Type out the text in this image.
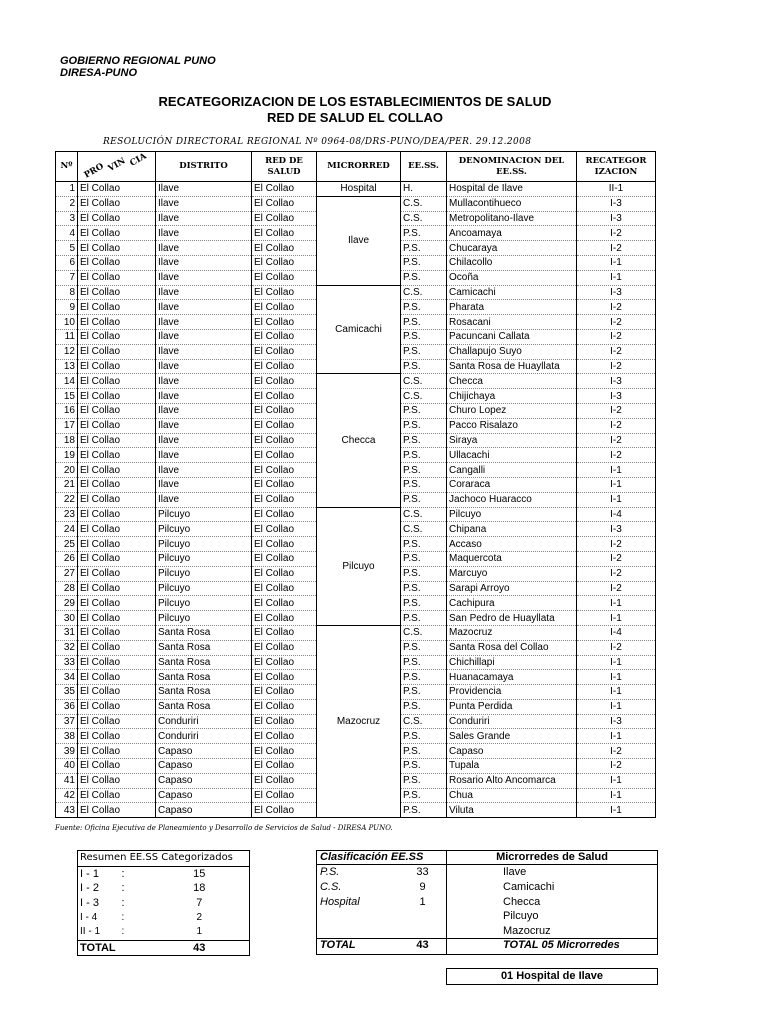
GOBIERNO REGIONAL PUNO
DIRESA-PUNO
RECATEGORIZACION DE LOS ESTABLECIMIENTOS DE SALUD
RED DE SALUD EL COLLAO
RESOLUCIÓN DIRECTORAL REGIONAL Nº 0964-08/DRS-PUNO/DEA/PER. 29.12.2008
Nº	PRO VIN CIA	DISTRITO	RED DE SALUD	MICRORRED	EE.SS.	DENOMINACION DEL EE.SS.	RECATEGOR IZACION
1	El Collao	Ilave	El Collao	Hospital	H.	Hospital de Ilave	II-1
2	El Collao	Ilave	El Collao	Ilave	C.S.	Mullacontihueco	I-3
3	El Collao	Ilave	El Collao		C.S.	Metropolitano-Ilave	I-3
4	El Collao	Ilave	El Collao		P.S.	Ancoamaya	I-2
5	El Collao	Ilave	El Collao		P.S.	Chucaraya	I-2
6	El Collao	Ilave	El Collao		P.S.	Chilacollo	I-1
7	El Collao	Ilave	El Collao		P.S.	Ocoña	I-1
8	El Collao	Ilave	El Collao	Camicachi	C.S.	Camicachi	I-3
9	El Collao	Ilave	El Collao		P.S.	Pharata	I-2
10	El Collao	Ilave	El Collao		P.S.	Rosacani	I-2
11	El Collao	Ilave	El Collao		P.S.	Pacuncani Callata	I-2
12	El Collao	Ilave	El Collao		P.S.	Challapujo Suyo	I-2
13	El Collao	Ilave	El Collao		P.S.	Santa Rosa de Huayllata	I-2
14	El Collao	Ilave	El Collao	Checca	C.S.	Checca	I-3
15	El Collao	Ilave	El Collao		C.S.	Chijichaya	I-3
16	El Collao	Ilave	El Collao		P.S.	Churo Lopez	I-2
17	El Collao	Ilave	El Collao		P.S.	Pacco Risalazo	I-2
18	El Collao	Ilave	El Collao		P.S.	Siraya	I-2
19	El Collao	Ilave	El Collao		P.S.	Ullacachi	I-2
20	El Collao	Ilave	El Collao		P.S.	Cangalli	I-1
21	El Collao	Ilave	El Collao		P.S.	Coraraca	I-1
22	El Collao	Ilave	El Collao		P.S.	Jachoco Huaracco	I-1
23	El Collao	Pilcuyo	El Collao	Pilcuyo	C.S.	Pilcuyo	I-4
24	El Collao	Pilcuyo	El Collao		C.S.	Chipana	I-3
25	El Collao	Pilcuyo	El Collao		P.S.	Accaso	I-2
26	El Collao	Pilcuyo	El Collao		P.S.	Maquercota	I-2
27	El Collao	Pilcuyo	El Collao		P.S.	Marcuyo	I-2
28	El Collao	Pilcuyo	El Collao		P.S.	Sarapi Arroyo	I-2
29	El Collao	Pilcuyo	El Collao		P.S.	Cachipura	I-1
30	El Collao	Pilcuyo	El Collao		P.S.	San Pedro de Huayllata	I-1
31	El Collao	Santa Rosa	El Collao	Mazocruz	C.S.	Mazocruz	I-4
32	El Collao	Santa Rosa	El Collao		P.S.	Santa Rosa del Collao	I-2
33	El Collao	Santa Rosa	El Collao		P.S.	Chichillapi	I-1
34	El Collao	Santa Rosa	El Collao		P.S.	Huanacamaya	I-1
35	El Collao	Santa Rosa	El Collao		P.S.	Providencia	I-1
36	El Collao	Santa Rosa	El Collao		P.S.	Punta Perdida	I-1
37	El Collao	Conduriri	El Collao		C.S.	Conduriri	I-3
38	El Collao	Conduriri	El Collao		P.S.	Sales Grande	I-1
39	El Collao	Capaso	El Collao		P.S.	Capaso	I-2
40	El Collao	Capaso	El Collao		P.S.	Tupala	I-2
41	El Collao	Capaso	El Collao		P.S.	Rosario Alto Ancomarca	I-1
42	El Collao	Capaso	El Collao		P.S.	Chua	I-1
43	El Collao	Capaso	El Collao		P.S.	Viluta	I-1
Fuente: Oficina Ejecutiva de Planeamiento y Desarrollo de Servicios de Salud - DIRESA PUNO.
Resumen EE.SS Categorizados		
I - 1	:	15
I - 2	:	18
I - 3	:	7
I - 4	:	2
II - 1	:	1
TOTAL		43
Clasificación EE.SS
P.S.	33
C.S.	9
Hospital	1
TOTAL	43
Microrredes de Salud
Ilave
Camicachi
Checca
Pilcuyo
Mazocruz
TOTAL 05 Microrredes
01 Hospital de Ilave
